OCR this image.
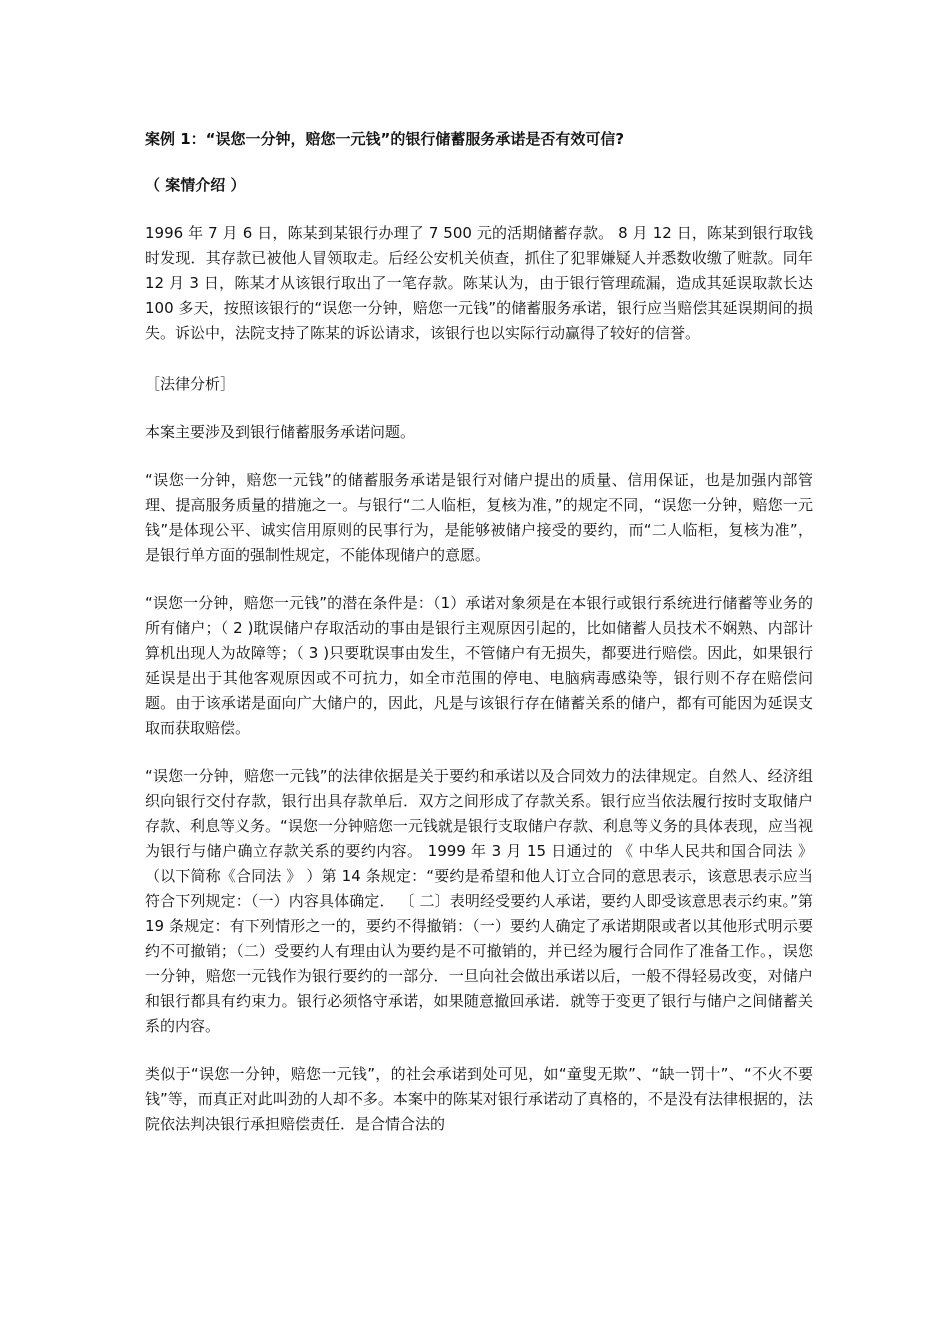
案例 1：“误您一分钟，赔您一元钱”的银行储蓄服务承诺是否有效可信?
（ 案情介绍 ）
1996 年 7 月 6 日，陈某到某银行办理了 7 500 元的活期储蓄存款。 8 月 12 日，陈某到银行取钱时发现．其存款已被他人冒领取走。后经公安机关侦查，抓住了犯罪嫌疑人并悉数收缴了赃款。同年 12 月 3 日，陈某才从该银行取出了一笔存款。陈某认为，由于银行管理疏漏，造成其延误取款长达 100 多天，按照该银行的“误您一分钟，赔您一元钱”的储蓄服务承诺，银行应当赔偿其延误期间的损失。诉讼中，法院支持了陈某的诉讼请求，该银行也以实际行动赢得了较好的信誉。
［法律分析］
本案主要涉及到银行储蓄服务承诺问题。
“误您一分钟，赔您一元钱”的储蓄服务承诺是银行对储户提出的质量、信用保证，也是加强内部管理、提高服务质量的措施之一。与银行“二人临柜，复核为准，”的规定不同，“误您一分钟，赔您一元钱”是体现公平、诚实信用原则的民事行为，是能够被储户接受的要约，而“二人临柜，复核为准”，是银行单方面的强制性规定，不能体现储户的意愿。
“误您一分钟，赔您一元钱”的潜在条件是：（1）承诺对象须是在本银行或银行系统进行储蓄等业务的所有储户；（ 2 )耽误储户存取活动的事由是银行主观原因引起的，比如储蓄人员技术不娴熟、内部计算机出现人为故障等；（ 3 )只要耽误事由发生，不管储户有无损失，都要进行赔偿。因此，如果银行延误是出于其他客观原因或不可抗力，如全市范围的停电、电脑病毒感染等，银行则不存在赔偿问题。由于该承诺是面向广大储户的，因此，凡是与该银行存在储蓄关系的储户，都有可能因为延误支取而获取赔偿。
“误您一分钟，赔您一元钱”的法律依据是关于要约和承诺以及合同效力的法律规定。自然人、经济组织向银行交付存款，银行出具存款单后．双方之间形成了存款关系。银行应当依法履行按时支取储户存款、利息等义务。“误您一分钟赔您一元钱就是银行支取储户存款、利息等义务的具体表现，应当视为银行与储户确立存款关系的要约内容。 1999 年 3 月 15 日通过的 《 中华人民共和国合同法 》 （以下简称《合同法 》 ）第 14 条规定：“要约是希望和他人订立合同的意思表示，该意思表示应当符合下列规定：（一）内容具体确定． 〔 二〕表明经受要约人承诺，要约人即受该意思表示约束。”第 19 条规定：有下列情形之一的，要约不得撤销：（一）要约人确定了承诺期限或者以其他形式明示要约不可撤销；（二）受要约人有理由认为要约是不可撤销的，并已经为履行合同作了准备工作。，误您一分钟，赔您一元钱作为银行要约的一部分．一旦向社会做出承诺以后，一般不得轻易改变，对储户和银行都具有约束力。银行必须恪守承诺，如果随意撤回承诺．就等于变更了银行与储户之间储蓄关系的内容。
类似于“误您一分钟，赔您一元钱”，的社会承诺到处可见，如“童叟无欺”、“缺一罚十”、“不火不要钱”等，而真正对此叫劲的人却不多。本案中的陈某对银行承诺动了真格的，不是没有法律根据的，法院依法判决银行承担赔偿责任．是合情合法的
